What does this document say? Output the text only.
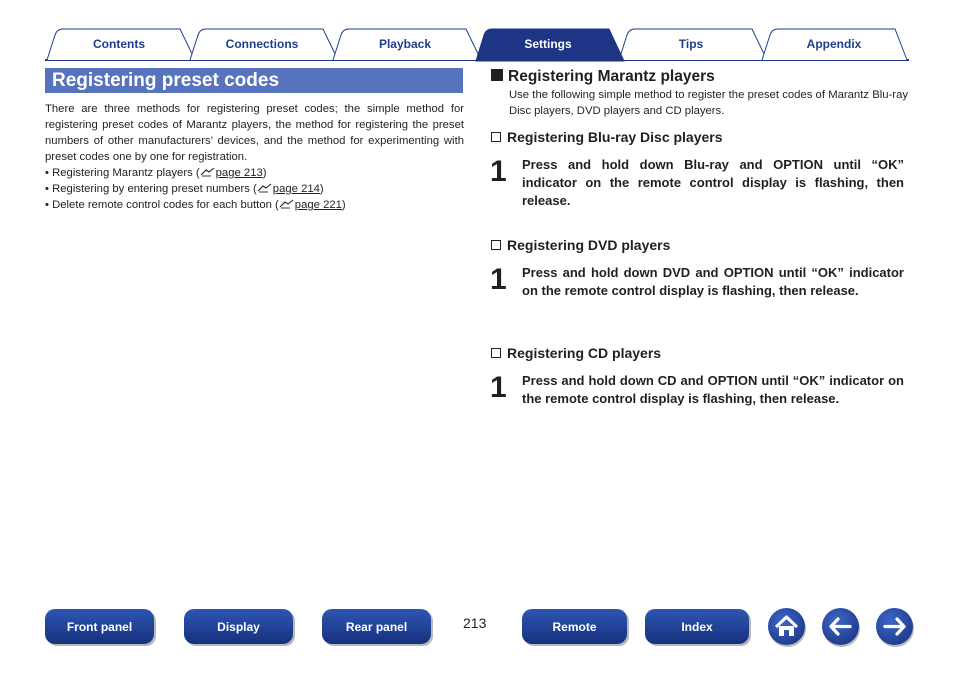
Contents	Connections	Playback	Settings	Tips	Appendix
Registering preset codes

There are three methods for registering preset codes; the simple method for registering preset codes of Marantz players, the method for registering the preset numbers of other manufacturers’ devices, and the method for experimenting with preset codes one by one for registration.

• Registering Marantz players ( page 213)
• Registering by entering preset numbers ( page 214)
• Delete remote control codes for each button ( page 221)
Registering Marantz players

Use the following simple method to register the preset codes of Marantz Blu-ray Disc players, DVD players and CD players.

Registering Blu-ray Disc players
1 Press and hold down Blu-ray and OPTION until “OK” indicator on the remote control display is flashing, then release.

Registering DVD players
1 Press and hold down DVD and OPTION until “OK” indicator on the remote control display is flashing, then release.

Registering CD players
1 Press and hold down CD and OPTION until “OK” indicator on the remote control display is flashing, then release.

Front panel	Display	Rear panel	213	Remote	Index
